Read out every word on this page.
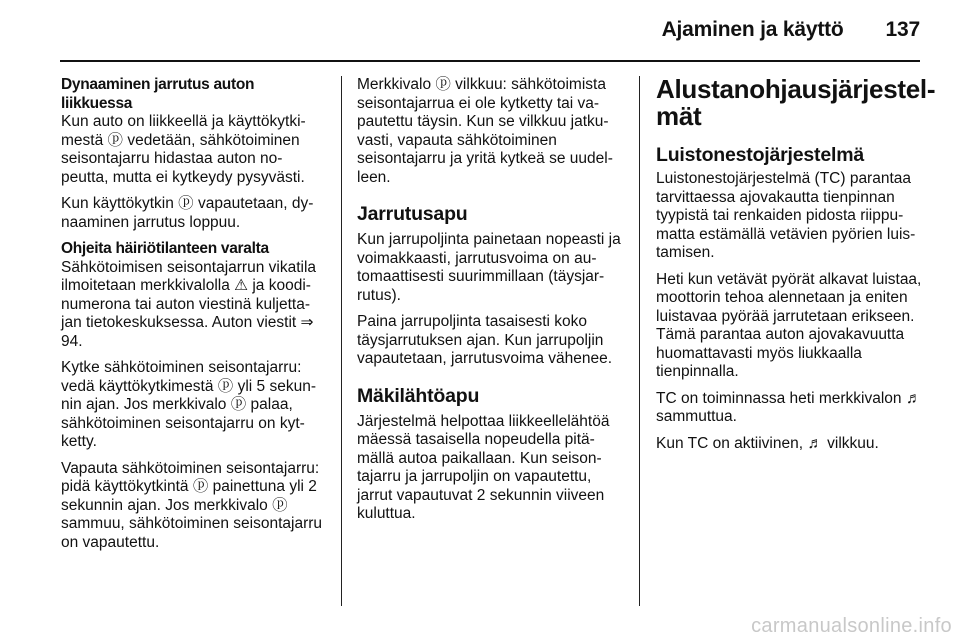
Ajaminen ja käyttö 137

Dynaaminen jarrutus auton liikkuessa

Kun auto on liikkeellä ja käyttökytkimestä ⓟ vedetään, sähkötoiminen seisontajarru hidastaa auton nopeutta, mutta ei kytkeydy pysyvästi.

Kun käyttökytkin ⓟ vapautetaan, dynaaminen jarrutus loppuu.

Ohjeita häiriötilanteen varalta

Sähkötoimisen seisontajarrun vikatila ilmoitetaan merkkivalolla ⚠ ja koodinumerona tai auton viestinä kuljettajan tietokeskuksessa. Auton viestit ⇒ 94.

Kytke sähkötoiminen seisontajarru: vedä käyttökytkimestä ⓟ yli 5 sekunnin ajan. Jos merkkivalo ⓟ palaa, sähkötoiminen seisontajarru on kytketty.

Vapauta sähkötoiminen seisontajarru: pidä käyttökytkintä ⓟ painettuna yli 2 sekunnin ajan. Jos merkkivalo ⓟ sammuu, sähkötoiminen seisontajarru on vapautettu.

Merkkivalo ⓟ vilkkuu: sähkötoimista seisontajarrua ei ole kytketty tai vapautettu täysin. Kun se vilkkuu jatkuvasti, vapauta sähkötoiminen seisontajarru ja yritä kytkeä se uudelleen.

Jarrutusapu

Kun jarrupoljinta painetaan nopeasti ja voimakkaasti, jarrutusvoima on automaattisesti suurimmillaan (täysjarrutus).

Paina jarrupoljinta tasaisesti koko täysjarrutuksen ajan. Kun jarrupoljin vapautetaan, jarrutusvoima vähenee.

Mäkilähtöapu

Järjestelmä helpottaa liikkeellelähtöä mäessä tasaisella nopeudella pitämällä autoa paikallaan. Kun seisontajarru ja jarrupoljin on vapautettu, jarrut vapautuvat 2 sekunnin viiveen kuluttua.

Alustanohjausjärjestelmät
Luistonestojärjestelmä

Luistonestojärjestelmä (TC) parantaa tarvittaessa ajovakautta tienpinnan tyypistä tai renkaiden pidosta riippumatta estämällä vetävien pyörien luistamisen.

Heti kun vetävät pyörät alkavat luistaa, moottorin tehoa alennetaan ja eniten luistavaa pyörää jarrutetaan erikseen. Tämä parantaa auton ajovakavuutta huomattavasti myös liukkaalla tienpinnalla.

TC on toiminnassa heti merkkivalon ♬ sammuttua.

Kun TC on aktiivinen, ♬ vilkkuu.

carmanualsonline.info
